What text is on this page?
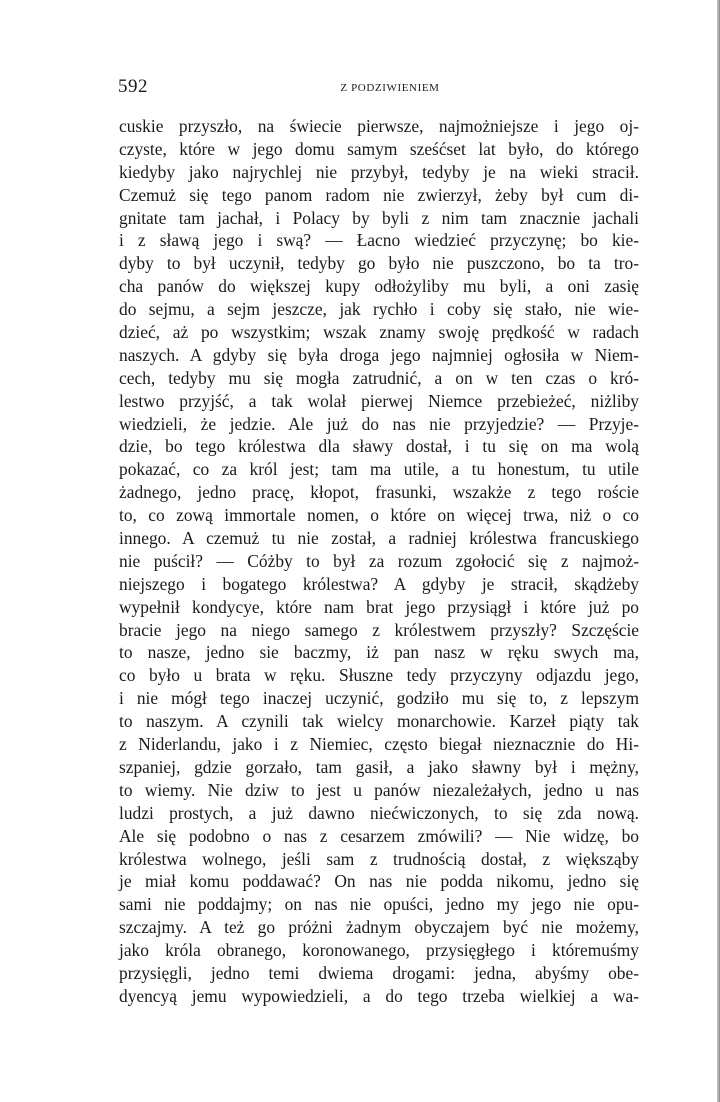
592	Z PODZIWIENIEM
cuskie przyszło, na świecie pierwsze, najmożniejsze i jego oj-
czyste, które w jego domu samym sześćset lat było, do którego
kiedyby jako najrychlej nie przybył, tedyby je na wieki stracił.
Czemuż się tego panom radom nie zwierzył, żeby był cum di-
gnitate tam jachał, i Polacy by byli z nim tam znacznie jachali
i z sławą jego i swą? — Łacno wiedzieć przyczynę; bo kie-
dyby to był uczynił, tedyby go było nie puszczono, bo ta tro-
cha panów do większej kupy odłożyliby mu byli, a oni zasię
do sejmu, a sejm jeszcze, jak rychło i coby się stało, nie wie-
dzieć, aż po wszystkim; wszak znamy swoję prędkość w radach
naszych. A gdyby się była droga jego najmniej ogłosiła w Niem-
cech, tedyby mu się mogła zatrudnić, a on w ten czas o kró-
lestwo przyjść, a tak wolał pierwej Niemce przebieżeć, niżliby
wiedzieli, że jedzie. Ale już do nas nie przyjedzie? — Przyje-
dzie, bo tego królestwa dla sławy dostał, i tu się on ma wolą
pokazać, co za król jest; tam ma utile, a tu honestum, tu utile
żadnego, jedno pracę, kłopot, frasunki, wszakże z tego roście
to, co zową immortale nomen, o które on więcej trwa, niż o co
innego. A czemuż tu nie został, a radniej królestwa francuskiego
nie puścił? — Cóżby to był za rozum zgołocić się z najmoż-
niejszego i bogatego królestwa? A gdyby je stracił, skądżeby
wypełnił kondycye, które nam brat jego przysiągł i które już po
bracie jego na niego samego z królestwem przyszły? Szczęście
to nasze, jedno sie baczmy, iż pan nasz w ręku swych ma,
co było u brata w ręku. Słuszne tedy przyczyny odjazdu jego,
i nie mógł tego inaczej uczynić, godziło mu się to, z lepszym
to naszym. A czynili tak wielcy monarchowie. Karzeł piąty tak
z Niderlandu, jako i z Niemiec, często biegał nieznacznie do Hi-
szpaniej, gdzie gorzało, tam gasił, a jako sławny był i mężny,
to wiemy. Nie dziw to jest u panów niezależałych, jedno u nas
ludzi prostych, a już dawno niećwiczonych, to się zda nową.
Ale się podobno o nas z cesarzem zmówili? — Nie widzę, bo
królestwa wolnego, jeśli sam z trudnością dostał, z większąby
je miał komu poddawać? On nas nie podda nikomu, jedno się
sami nie poddajmy; on nas nie opuści, jedno my jego nie opu-
szczajmy. A też go próżni żadnym obyczajem być nie możemy,
jako króla obranego, koronowanego, przysięgłego i któremuśmy
przysięgli, jedno temi dwiema drogami: jedna, abyśmy obe-
dyencyą jemu wypowiedzieli, a do tego trzeba wielkiej a wa-
